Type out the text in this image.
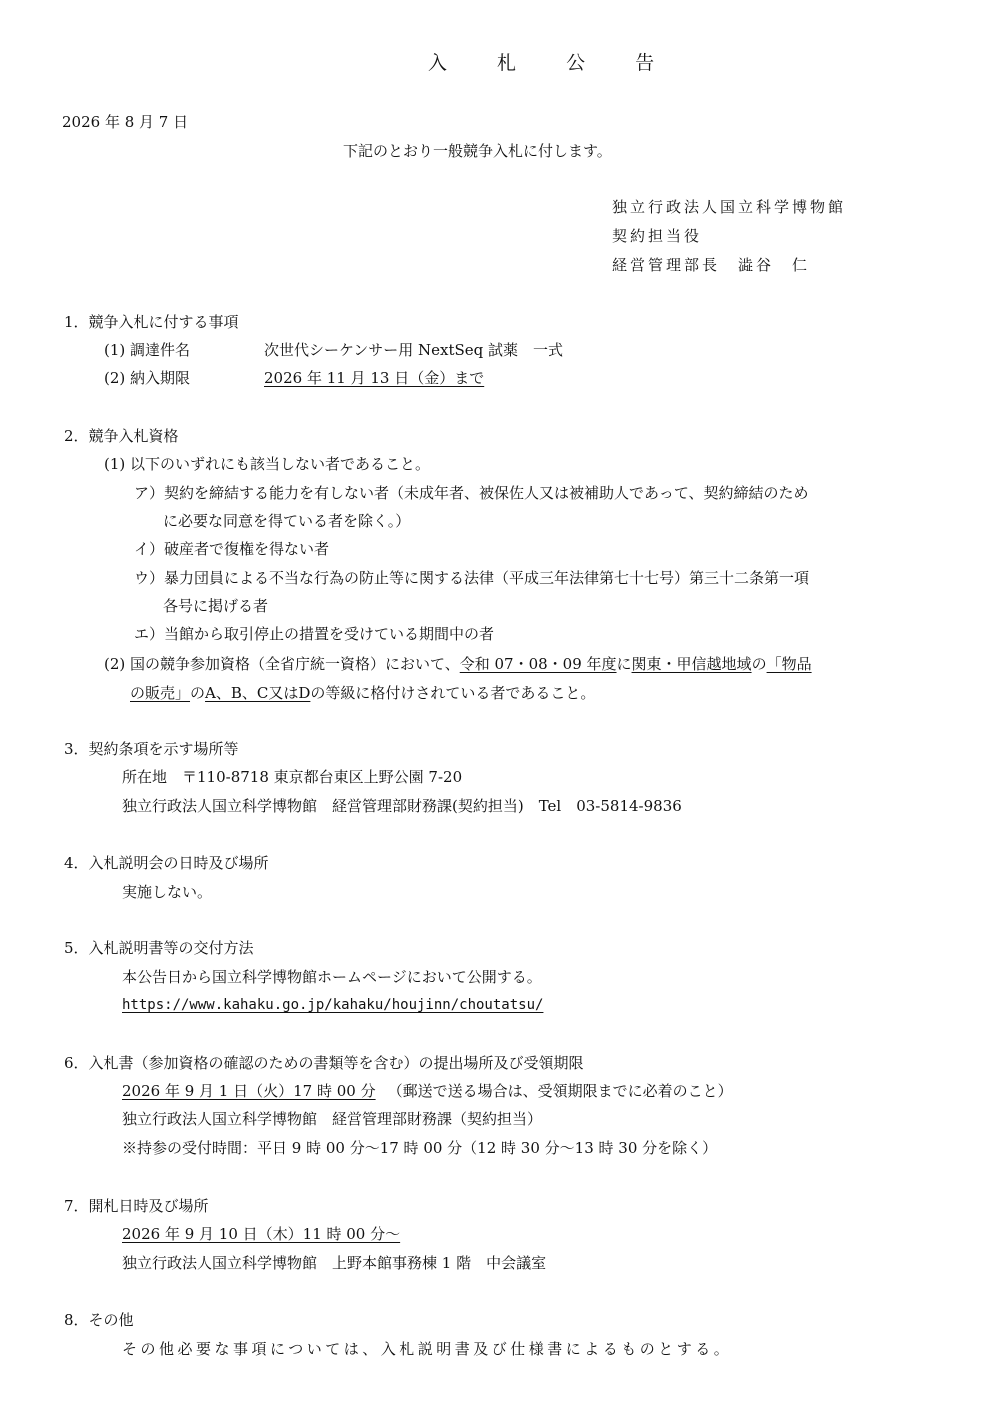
入 札 公 告
2026 年 8 月 7 日
下記のとおり一般競争入札に付します。
独立行政法人国立科学博物館
契約担当役
経営管理部長　澁谷　仁
1．競争入札に付する事項
(1) 調達件名	次世代シーケンサー用 NextSeq 試薬　一式
(2) 納入期限	2026 年 11 月 13 日（金）まで
2．競争入札資格
(1) 以下のいずれにも該当しない者であること。
ア）契約を締結する能力を有しない者（未成年者、被保佐人又は被補助人であって、契約締結のため
に必要な同意を得ている者を除く。）
イ）破産者で復権を得ない者
ウ）暴力団員による不当な行為の防止等に関する法律（平成三年法律第七十七号）第三十二条第一項
各号に掲げる者
エ）当館から取引停止の措置を受けている期間中の者
(2) 国の競争参加資格（全省庁統一資格）において、令和 07・08・09 年度に関東・甲信越地域の「物品
の販売」のA、B、C又はDの等級に格付けされている者であること。
3．契約条項を示す場所等
所在地　〒110-8718 東京都台東区上野公園 7-20
独立行政法人国立科学博物館　経営管理部財務課(契約担当)　Tel　03-5814-9836
4．入札説明会の日時及び場所
実施しない。
5．入札説明書等の交付方法
本公告日から国立科学博物館ホームページにおいて公開する。
https://www.kahaku.go.jp/kahaku/houjinn/choutatsu/
6．入札書（参加資格の確認のための書類等を含む）の提出場所及び受領期限
2026 年 9 月 1 日（火）17 時 00 分 （郵送で送る場合は、受領期限までに必着のこと）
独立行政法人国立科学博物館　経営管理部財務課（契約担当）
※持参の受付時間：平日 9 時 00 分～17 時 00 分（12 時 30 分～13 時 30 分を除く）
7．開札日時及び場所
2026 年 9 月 10 日（木）11 時 00 分～
独立行政法人国立科学博物館　上野本館事務棟 1 階　中会議室
8．その他
その他必要な事項については、入札説明書及び仕様書によるものとする。
